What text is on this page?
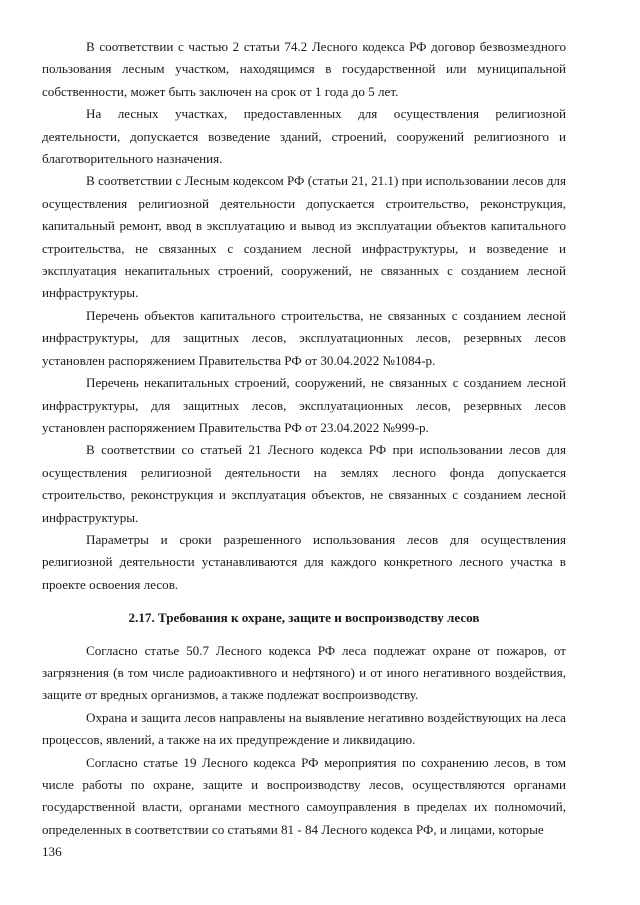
В соответствии с частью 2 статьи 74.2 Лесного кодекса РФ договор безвозмездного пользования лесным участком, находящимся в государственной или муниципальной собственности, может быть заключен на срок от 1 года до 5 лет.

На лесных участках, предоставленных для осуществления религиозной деятельности, допускается возведение зданий, строений, сооружений религиозного и благотворительного назначения.

В соответствии с Лесным кодексом РФ (статьи 21, 21.1) при использовании лесов для осуществления религиозной деятельности допускается строительство, реконструкция, капитальный ремонт, ввод в эксплуатацию и вывод из эксплуатации объектов капитального строительства, не связанных с созданием лесной инфраструктуры, и возведение и эксплуатация некапитальных строений, сооружений, не связанных с созданием лесной инфраструктуры.

Перечень объектов капитального строительства, не связанных с созданием лесной инфраструктуры, для защитных лесов, эксплуатационных лесов, резервных лесов установлен распоряжением Правительства РФ от 30.04.2022 №1084-р.

Перечень некапитальных строений, сооружений, не связанных с созданием лесной инфраструктуры, для защитных лесов, эксплуатационных лесов, резервных лесов установлен распоряжением Правительства РФ от 23.04.2022 №999-р.

В соответствии со статьей 21 Лесного кодекса РФ при использовании лесов для осуществления религиозной деятельности на землях лесного фонда допускается строительство, реконструкция и эксплуатация объектов, не связанных с созданием лесной инфраструктуры.

Параметры и сроки разрешенного использования лесов для осуществления религиозной деятельности устанавливаются для каждого конкретного лесного участка в проекте освоения лесов.

2.17. Требования к охране, защите и воспроизводству лесов

Согласно статье 50.7 Лесного кодекса РФ леса подлежат охране от пожаров, от загрязнения (в том числе радиоактивного и нефтяного) и от иного негативного воздействия, защите от вредных организмов, а также подлежат воспроизводству.

Охрана и защита лесов направлены на выявление негативно воздействующих на леса процессов, явлений, а также на их предупреждение и ликвидацию.

Согласно статье 19 Лесного кодекса РФ мероприятия по сохранению лесов, в том числе работы по охране, защите и воспроизводству лесов, осуществляются органами государственной власти, органами местного самоуправления в пределах их полномочий, определенных в соответствии со статьями 81 - 84 Лесного кодекса РФ, и лицами, которые

136
